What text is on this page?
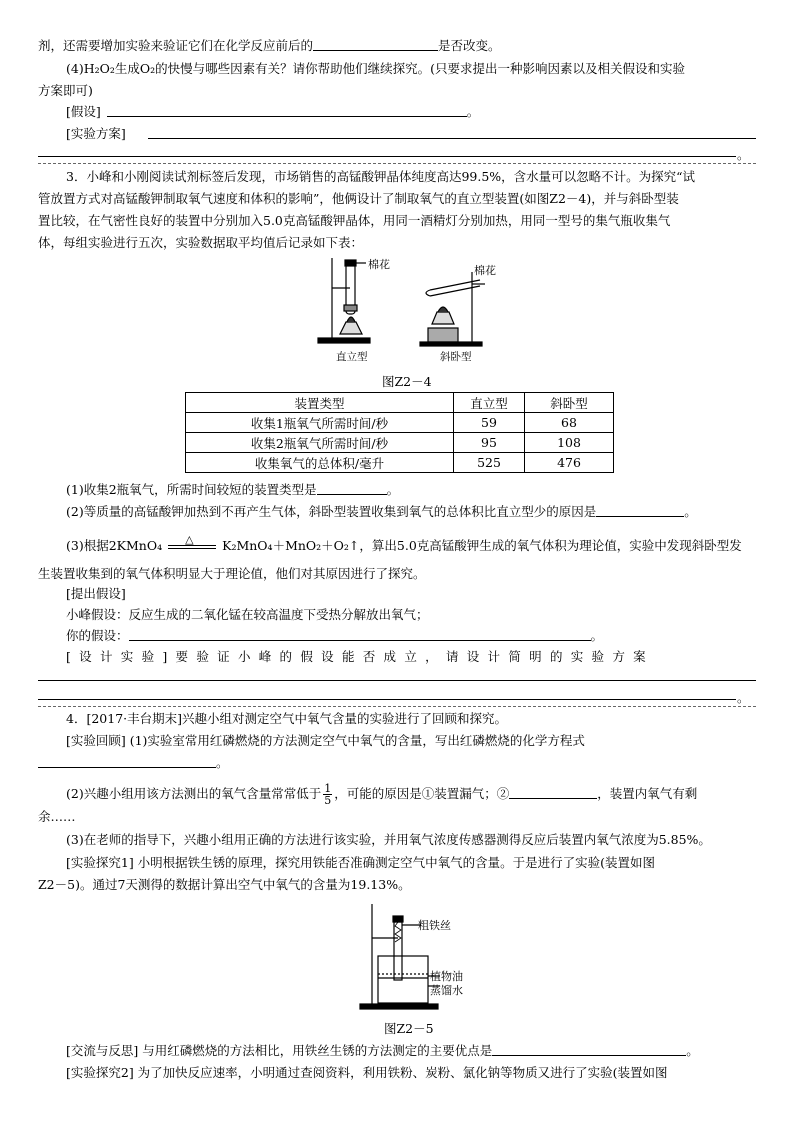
剂，还需要增加实验来验证它们在化学反应前后的	是否改变。
(4)H₂O₂生成O₂的快慢与哪些因素有关？请你帮助他们继续探究。(只要求提出一种影响因素以及相关假设和实验
方案即可)
[假设]	。
[实验方案]
。
3．小峰和小刚阅读试剂标签后发现，市场销售的高锰酸钾晶体纯度高达99.5%，含水量可以忽略不计。为探究“试
管放置方式对高锰酸钾制取氧气速度和体积的影响”，他俩设计了制取氧气的直立型装置(如图Z2－4)，并与斜卧型装
置比较，在气密性良好的装置中分别加入5.0克高锰酸钾晶体，用同一酒精灯分别加热，用同一型号的集气瓶收集气
体，每组实验进行五次，实验数据取平均值后记录如下表：
棉花
直立型
棉花
斜卧型
图Z2－4
装置类型	直立型	斜卧型
收集1瓶氧气所需时间/秒	59	68
收集2瓶氧气所需时间/秒	95	108
收集氧气的总体积/毫升	525	476
(1)收集2瓶氧气，所需时间较短的装置类型是	。
(2)等质量的高锰酸钾加热到不再产生气体，斜卧型装置收集到氧气的总体积比直立型少的原因是	。
(3)根据2KMnO₄ △ K₂MnO₄＋MnO₂＋O₂↑，算出5.0克高锰酸钾生成的氧气体积为理论值，实验中发现斜卧型发
生装置收集到的氧气体积明显大于理论值，他们对其原因进行了探究。
[提出假设]
小峰假设：反应生成的二氧化锰在较高温度下受热分解放出氧气；
你的假设：	。
[设计实验]要验证小峰的假设能否成立，请设计简明的实验方案
。
4．[2017·丰台期末]兴趣小组对测定空气中氧气含量的实验进行了回顾和探究。
[实验回顾] (1)实验室常用红磷燃烧的方法测定空气中氧气的含量，写出红磷燃烧的化学方程式
。
(2)兴趣小组用该方法测出的氧气含量常常低于 $\frac{1}{5}$ ，可能的原因是①装置漏气；②	，装置内氧气有剩
余……
(3)在老师的指导下，兴趣小组用正确的方法进行该实验，并用氧气浓度传感器测得反应后装置内氧气浓度为5.85%。
[实验探究1] 小明根据铁生锈的原理，探究用铁能否准确测定空气中氧气的含量。于是进行了实验(装置如图
Z2－5)。通过7天测得的数据计算出空气中氧气的含量为19.13%。
粗铁丝
植物油
蒸馏水
图Z2－5
[交流与反思] 与用红磷燃烧的方法相比，用铁丝生锈的方法测定的主要优点是	。
[实验探究2] 为了加快反应速率，小明通过查阅资料，利用铁粉、炭粉、氯化钠等物质又进行了实验(装置如图
